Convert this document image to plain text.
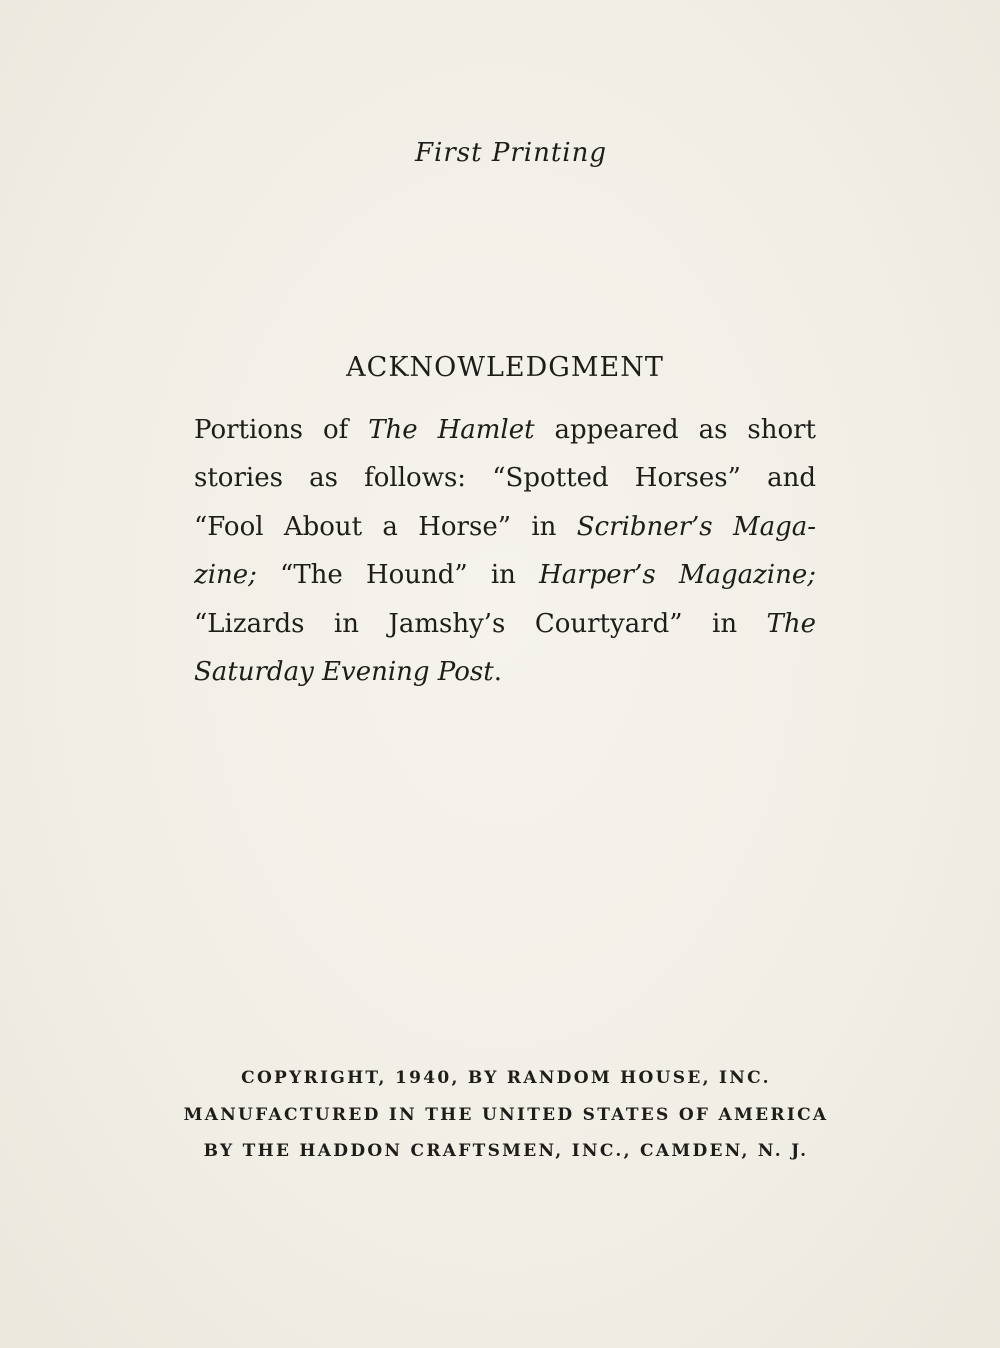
First Printing
ACKNOWLEDGMENT
Portions of The Hamlet appeared as short
stories as follows: “Spotted Horses” and
“Fool About a Horse” in Scribner’s Maga-
zine; “The Hound” in Harper’s Magazine;
“Lizards in Jamshy’s Courtyard” in The
Saturday Evening Post.
COPYRIGHT, 1940, BY RANDOM HOUSE, INC.
MANUFACTURED IN THE UNITED STATES OF AMERICA
BY THE HADDON CRAFTSMEN, INC., CAMDEN, N. J.
